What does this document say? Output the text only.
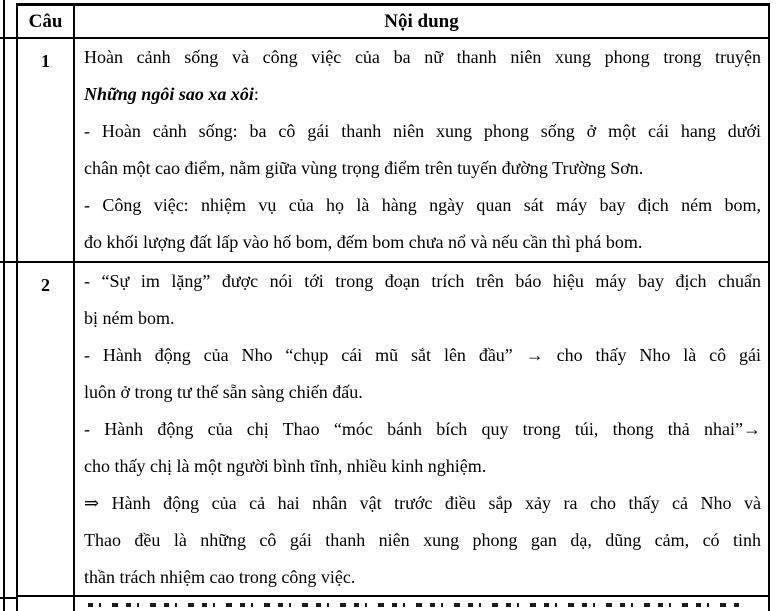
Câu	Nội dung
1	Hoàn cảnh sống và công việc của ba nữ thanh niên xung phong trong truyện
Những ngôi sao xa xôi:
- Hoàn cảnh sống: ba cô gái thanh niên xung phong sống ở một cái hang dưới
chân một cao điểm, nằm giữa vùng trọng điểm trên tuyến đường Trường Sơn.
- Công việc: nhiệm vụ của họ là hàng ngày quan sát máy bay địch ném bom,
đo khối lượng đất lấp vào hố bom, đếm bom chưa nổ và nếu cần thì phá bom.
2	- “Sự im lặng” được nói tới trong đoạn trích trên báo hiệu máy bay địch chuẩn
bị ném bom.
- Hành động của Nho “chụp cái mũ sắt lên đầu” → cho thấy Nho là cô gái
luôn ở trong tư thế sẵn sàng chiến đấu.
- Hành động của chị Thao “móc bánh bích quy trong túi, thong thả nhai”→
cho thấy chị là một người bình tĩnh, nhiều kinh nghiệm.
⇒ Hành động của cả hai nhân vật trước điều sắp xảy ra cho thấy cả Nho và
Thao đều là những cô gái thanh niên xung phong gan dạ, dũng cảm, có tinh
thần trách nhiệm cao trong công việc.
